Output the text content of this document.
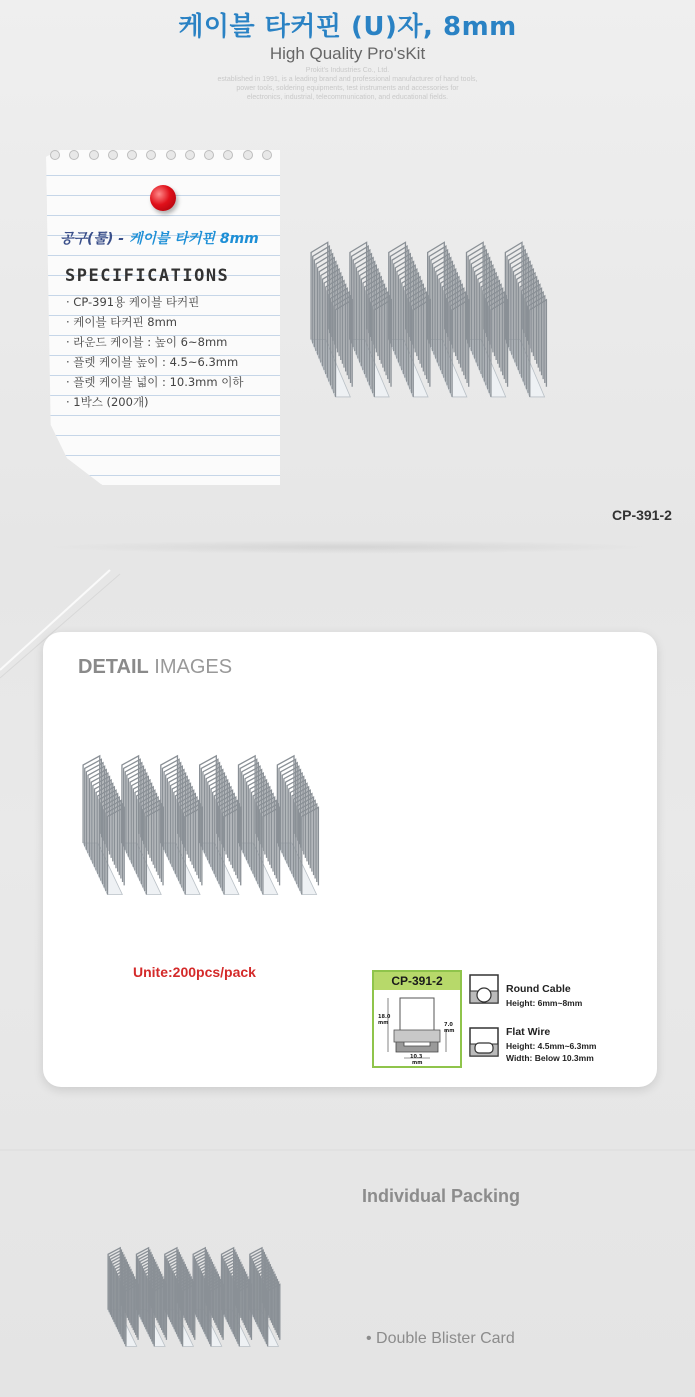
케이블 타커핀 (U)자, 8mm
High Quality Pro'sKit
Prokit's Industries Co., Ltd.
established in 1991, is a leading brand and professional manufacturer of hand tools,
power tools, soldering equipments, test instruments and accessories for
electronics, industrial, telecommunication, and educational fields.
공구(툴) - 케이블 타커핀 8mm
SPECIFICATIONS
· CP-391용 케이블 타커핀
· 케이블 타커핀 8mm
· 라운드 케이블 : 높이 6~8mm
· 플렛 케이블 높이 : 4.5~6.3mm
· 플렛 케이블 넓이 : 10.3mm 이하
· 1박스 (200개)
CP-391-2
DETAIL IMAGES
Unite:200pcs/pack
CP-391-2
18.0
mm	7.0
mm
10.3
mm
Round Cable
Height: 6mm~8mm
Flat Wire
Height: 4.5mm~6.3mm
Width: Below 10.3mm
Individual Packing
• Double Blister Card
